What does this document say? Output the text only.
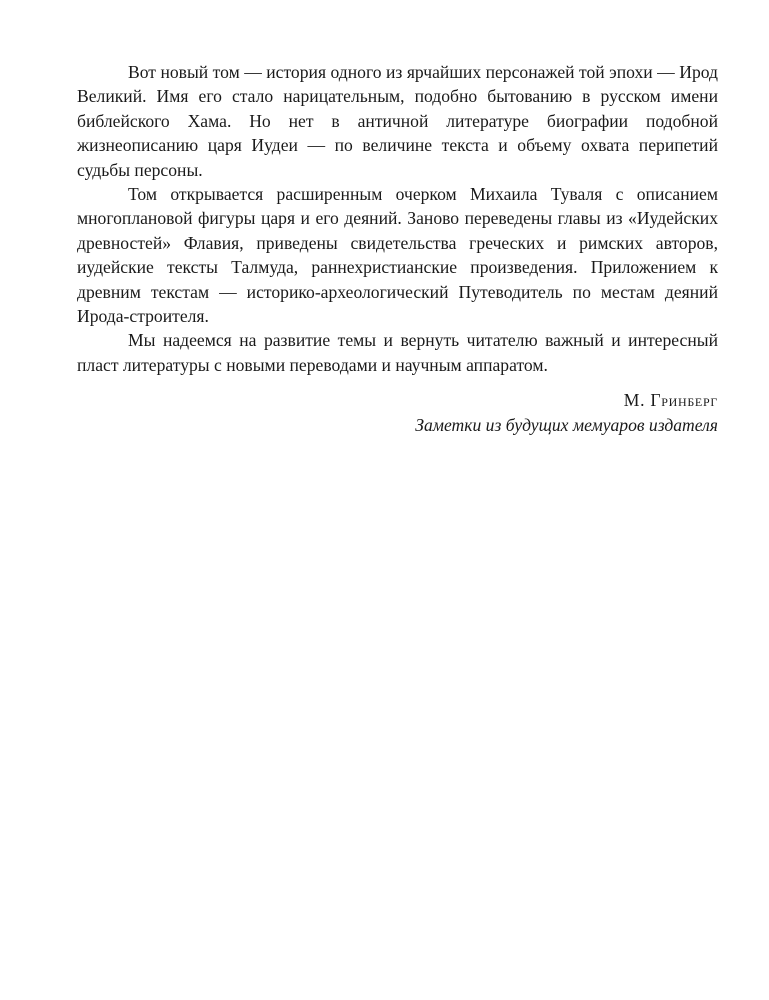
Вот новый том — история одного из ярчайших персонажей той эпохи — Ирод Великий. Имя его стало нарицательным, подобно бытованию в русском имени библейского Хама. Но нет в античной литературе биографии подобной жизнеописанию царя Иудеи — по величине текста и объему охвата перипетий судьбы персоны.

Том открывается расширенным очерком Михаила Туваля с описанием многоплановой фигуры царя и его деяний. Заново переведены главы из «Иудейских древностей» Флавия, приведены свидетельства греческих и римских авторов, иудейские тексты Талмуда, раннехристианские произведения. Приложением к древним текстам — историко-археологический Путеводитель по местам деяний Ирода-строителя.

Мы надеемся на развитие темы и вернуть читателю важный и интересный пласт литературы с новыми переводами и научным аппаратом.

М. Гринберг
Заметки из будущих мемуаров издателя
